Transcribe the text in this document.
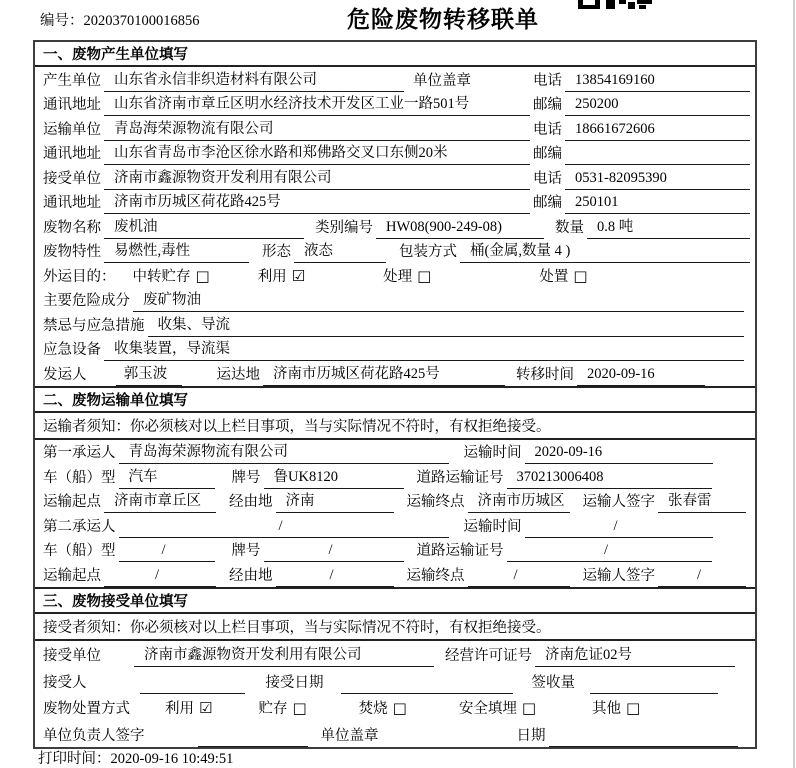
编号：2020370100016856	危险废物转移联单
一、废物产生单位填写
产生单位 山东省永信非织造材料有限公司	单位盖章	电话 13854169160
通讯地址 山东省济南市章丘区明水经济技术开发区工业一路501号	邮编 250200
运输单位 青岛海荣源物流有限公司	电话 18661672606
通讯地址 山东省青岛市李沧区徐水路和郑佛路交叉口东侧20米	邮编
接受单位 济南市鑫源物资开发利用有限公司	电话 0531-82095390
通讯地址 济南市历城区荷花路425号	邮编 250101
废物名称 废机油	类别编号 HW08(900-249-08)	数量 0.8 吨
废物特性 易燃性,毒性	形态 液态	包装方式 桶(金属,数量 4 )
外运目的： 中转贮存 □	利用 ☑	处理 □	处置 □
主要危险成分 废矿物油
禁忌与应急措施 收集、导流
应急设备 收集装置，导流渠
发运人	郭玉波	运达地 济南市历城区荷花路425号	转移时间 2020-09-16
二、废物运输单位填写
运输者须知：你必须核对以上栏目事项，当与实际情况不符时，有权拒绝接受。
第一承运人 青岛海荣源物流有限公司	运输时间 2020-09-16
车（船）型 汽车	牌号 鲁UK8120	道路运输证号 370213006408
运输起点 济南市章丘区	经由地 济南	运输终点 济南市历城区	运输人签字 张春雷
第二承运人	/	运输时间	/
车（船）型	/	牌号	/	道路运输证号	/
运输起点	/	经由地	/	运输终点	/	运输人签字	/
三、废物接受单位填写
接受者须知：你必须核对以上栏目事项，当与实际情况不符时，有权拒绝接受。
接受单位	济南市鑫源物资开发利用有限公司	经营许可证号 济南危证02号
接受人	接受日期	签收量
废物处置方式 利用 ☑	贮存 □	焚烧 □	安全填埋 □	其他 □
单位负责人签字	单位盖章	日期
打印时间：2020-09-16 10:49:51
